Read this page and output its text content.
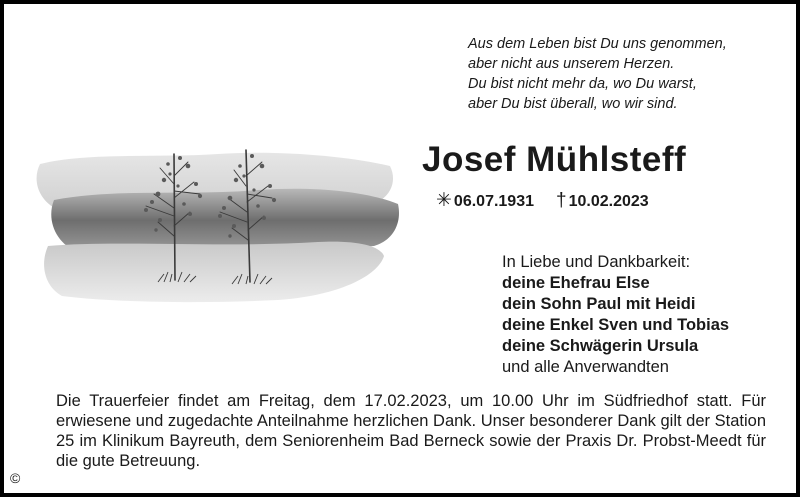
Aus dem Leben bist Du uns genommen,
aber nicht aus unserem Herzen.
Du bist nicht mehr da, wo Du warst,
aber Du bist überall, wo wir sind.
Josef Mühlsteff
✳ 06.07.1931 † 10.02.2023
In Liebe und Dankbarkeit:
deine Ehefrau Else
dein Sohn Paul mit Heidi
deine Enkel Sven und Tobias
deine Schwägerin Ursula
und alle Anverwandten
Die Trauerfeier findet am Freitag, dem 17.02.2023, um 10.00 Uhr im Südfriedhof statt. Für erwiesene und zugedachte Anteilnahme herzlichen Dank. Unser besonderer Dank gilt der Station 25 im Klinikum Bayreuth, dem Seniorenheim Bad Berneck sowie der Praxis Dr. Probst-Meedt für die gute Betreuung.
©
